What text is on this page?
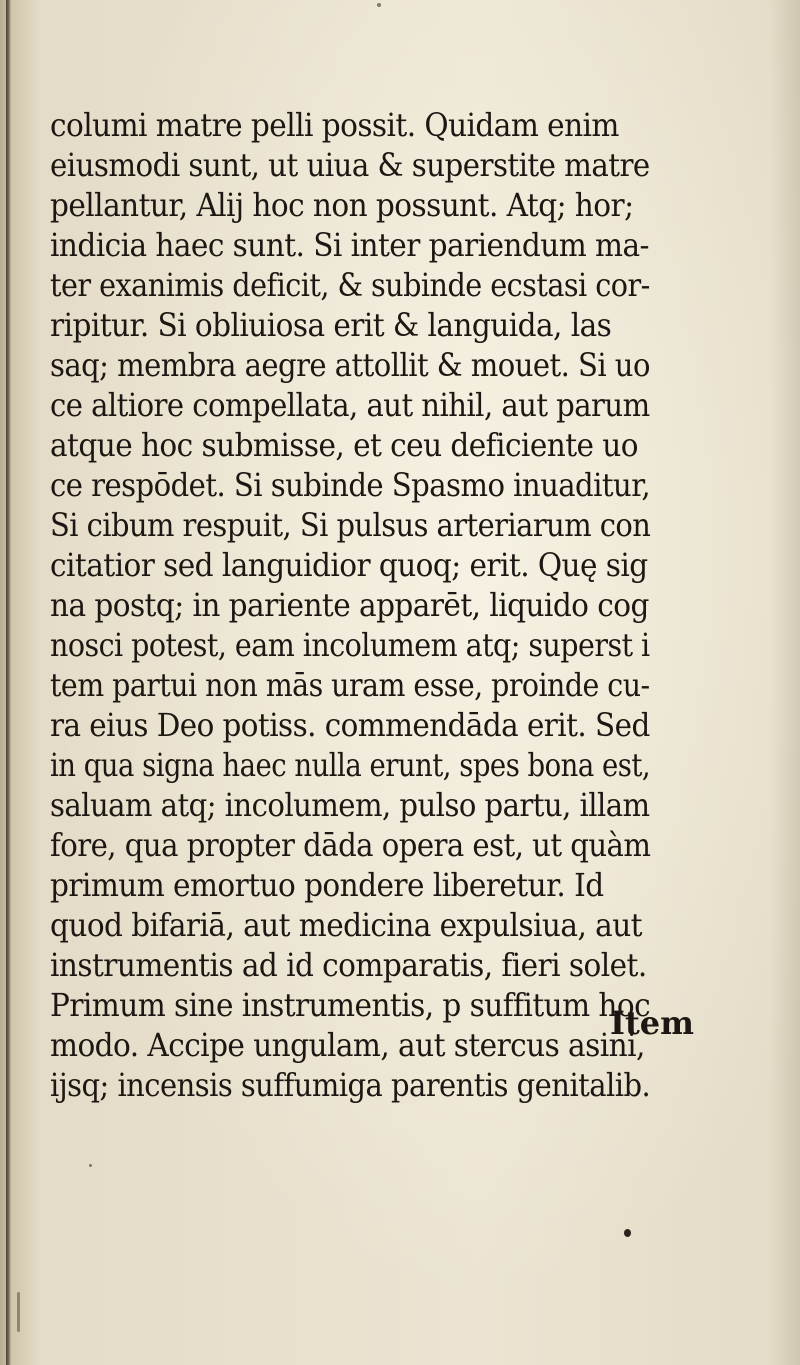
columi matre pelli possit. Quidam enim
eiusmodi sunt, ut uiua & superstite matre
pellantur, Alij hoc non possunt. Atq; hor;
indicia haec sunt. Si inter pariendum ma-
ter exanimis deficit, & subinde ecstasi cor-
ripitur. Si obliuiosa erit & languida, las
saq; membra aegre attollit & mouet. Si uo
ce altiore compellata, aut nihil, aut parum
atque hoc submisse, et ceu deficiente uo
ce respōdet. Si subinde Spasmo inuaditur,
Si cibum respuit, Si pulsus arteriarum con
citatior sed languidior quoq; erit. Quę sig
na postq; in pariente apparēt, liquido cog
nosci potest, eam incolumem atq; superst i
tem partui non mās uram esse, proinde cu-
ra eius Deo potiss. commendāda erit. Sed
in qua signa haec nulla erunt, spes bona est,
saluam atq; incolumem, pulso partu, illam
fore, qua propter dāda opera est, ut quàm
primum emortuo pondere liberetur. Id
quod bifariā, aut medicina expulsiua, aut
instrumentis ad id comparatis, fieri solet.
Primum sine instrumentis, p suffitum hoc
modo. Accipe ungulam, aut stercus asini,
ijsq; incensis suffumiga parentis genitalib.
Item
